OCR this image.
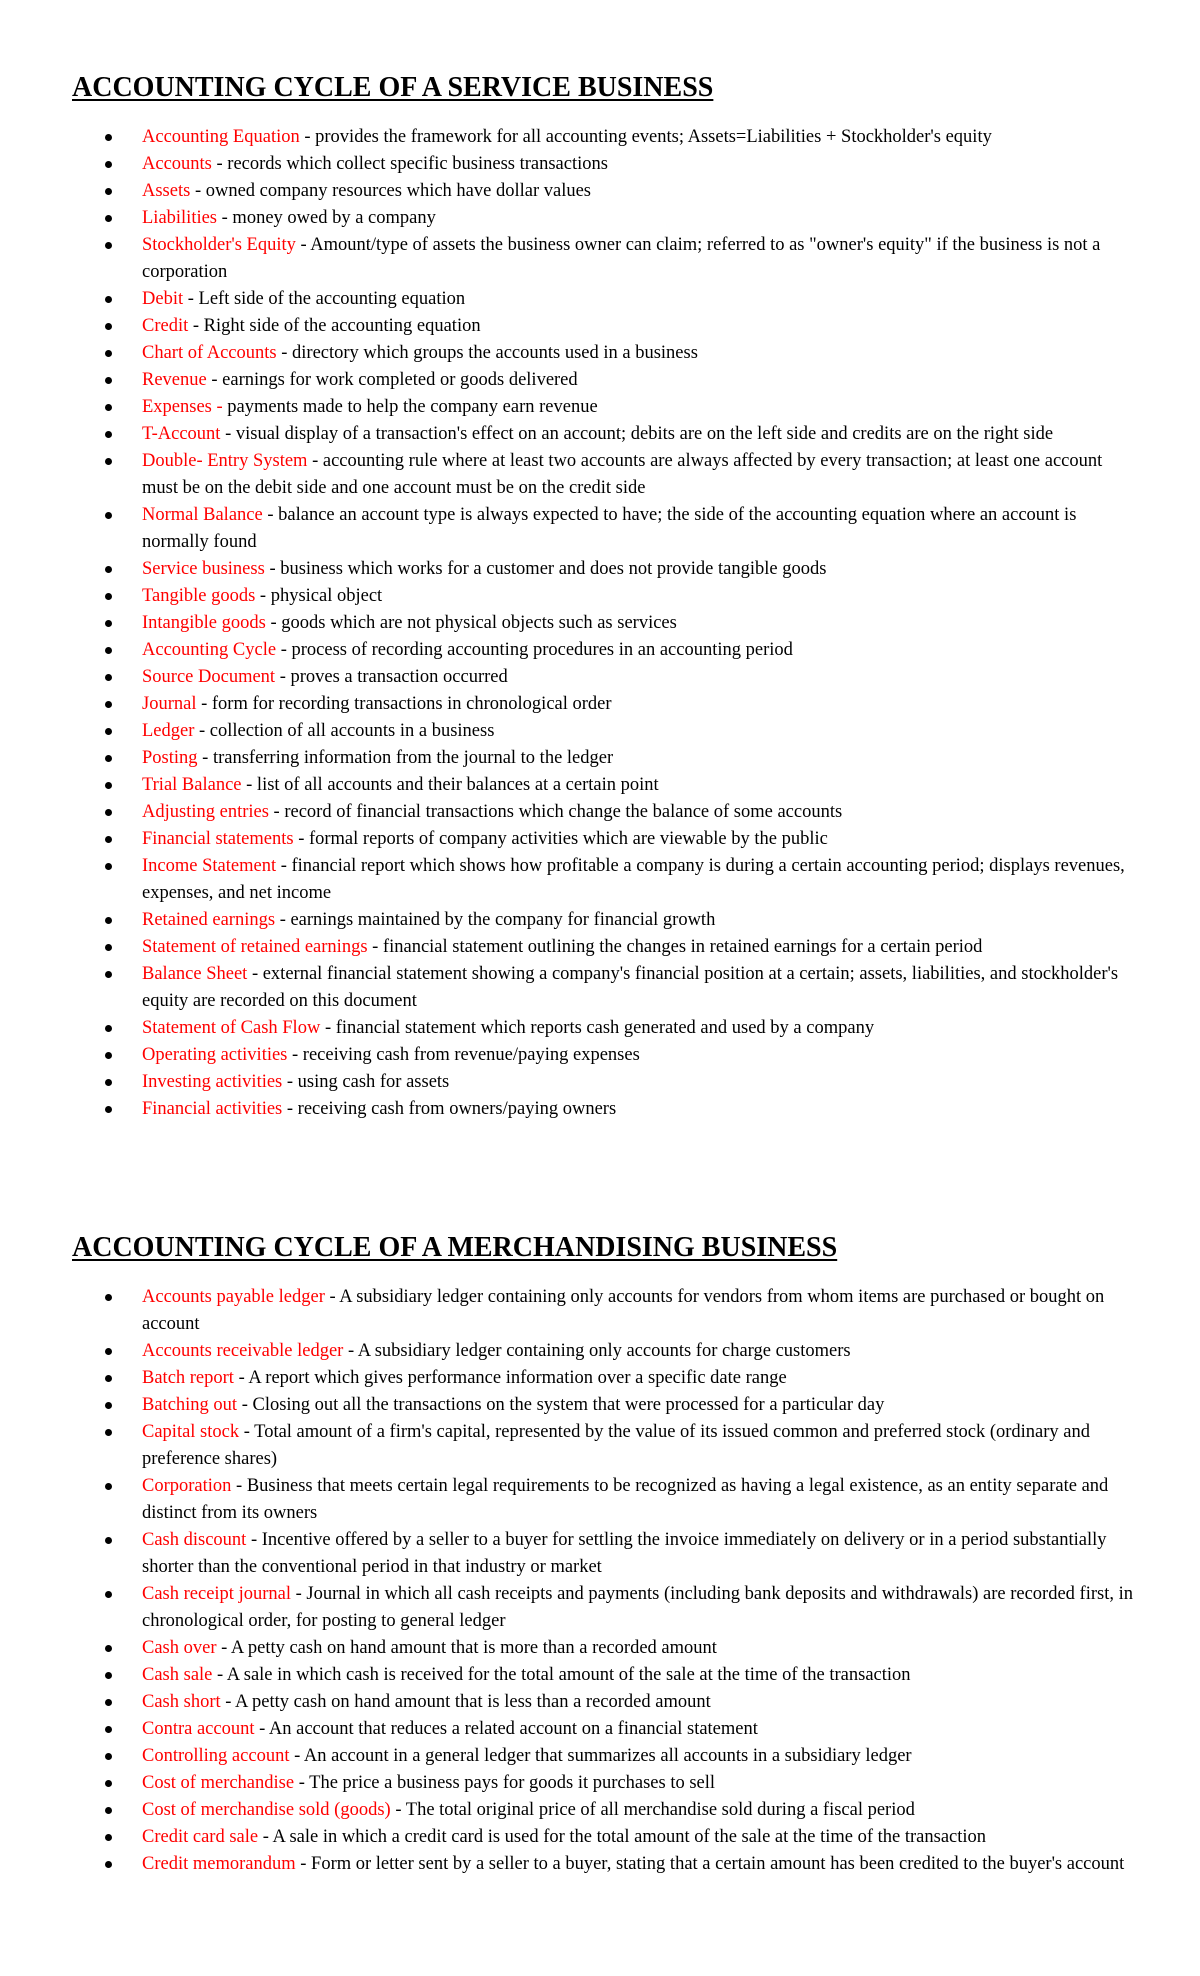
ACCOUNTING CYCLE OF A SERVICE BUSINESS
Accounting Equation - provides the framework for all accounting events; Assets=Liabilities + Stockholder's equity
Accounts - records which collect specific business transactions
Assets - owned company resources which have dollar values
Liabilities - money owed by a company
Stockholder's Equity - Amount/type of assets the business owner can claim; referred to as "owner's equity" if the business is not a corporation
Debit - Left side of the accounting equation
Credit - Right side of the accounting equation
Chart of Accounts - directory which groups the accounts used in a business
Revenue - earnings for work completed or goods delivered
Expenses - payments made to help the company earn revenue
T-Account - visual display of a transaction's effect on an account; debits are on the left side and credits are on the right side
Double- Entry System - accounting rule where at least two accounts are always affected by every transaction; at least one account must be on the debit side and one account must be on the credit side
Normal Balance - balance an account type is always expected to have; the side of the accounting equation where an account is normally found
Service business - business which works for a customer and does not provide tangible goods
Tangible goods - physical object
Intangible goods - goods which are not physical objects such as services
Accounting Cycle - process of recording accounting procedures in an accounting period
Source Document - proves a transaction occurred
Journal - form for recording transactions in chronological order
Ledger - collection of all accounts in a business
Posting - transferring information from the journal to the ledger
Trial Balance - list of all accounts and their balances at a certain point
Adjusting entries - record of financial transactions which change the balance of some accounts
Financial statements - formal reports of company activities which are viewable by the public
Income Statement - financial report which shows how profitable a company is during a certain accounting period; displays revenues, expenses, and net income
Retained earnings - earnings maintained by the company for financial growth
Statement of retained earnings - financial statement outlining the changes in retained earnings for a certain period
Balance Sheet - external financial statement showing a company's financial position at a certain; assets, liabilities, and stockholder's equity are recorded on this document
Statement of Cash Flow - financial statement which reports cash generated and used by a company
Operating activities - receiving cash from revenue/paying expenses
Investing activities - using cash for assets
Financial activities - receiving cash from owners/paying owners
ACCOUNTING CYCLE OF A MERCHANDISING BUSINESS
Accounts payable ledger - A subsidiary ledger containing only accounts for vendors from whom items are purchased or bought on account
Accounts receivable ledger - A subsidiary ledger containing only accounts for charge customers
Batch report - A report which gives performance information over a specific date range
Batching out - Closing out all the transactions on the system that were processed for a particular day
Capital stock - Total amount of a firm's capital, represented by the value of its issued common and preferred stock (ordinary and preference shares)
Corporation - Business that meets certain legal requirements to be recognized as having a legal existence, as an entity separate and distinct from its owners
Cash discount - Incentive offered by a seller to a buyer for settling the invoice immediately on delivery or in a period substantially shorter than the conventional period in that industry or market
Cash receipt journal - Journal in which all cash receipts and payments (including bank deposits and withdrawals) are recorded first, in chronological order, for posting to general ledger
Cash over - A petty cash on hand amount that is more than a recorded amount
Cash sale - A sale in which cash is received for the total amount of the sale at the time of the transaction
Cash short - A petty cash on hand amount that is less than a recorded amount
Contra account - An account that reduces a related account on a financial statement
Controlling account - An account in a general ledger that summarizes all accounts in a subsidiary ledger
Cost of merchandise - The price a business pays for goods it purchases to sell
Cost of merchandise sold (goods) - The total original price of all merchandise sold during a fiscal period
Credit card sale - A sale in which a credit card is used for the total amount of the sale at the time of the transaction
Credit memorandum - Form or letter sent by a seller to a buyer, stating that a certain amount has been credited to the buyer's account
